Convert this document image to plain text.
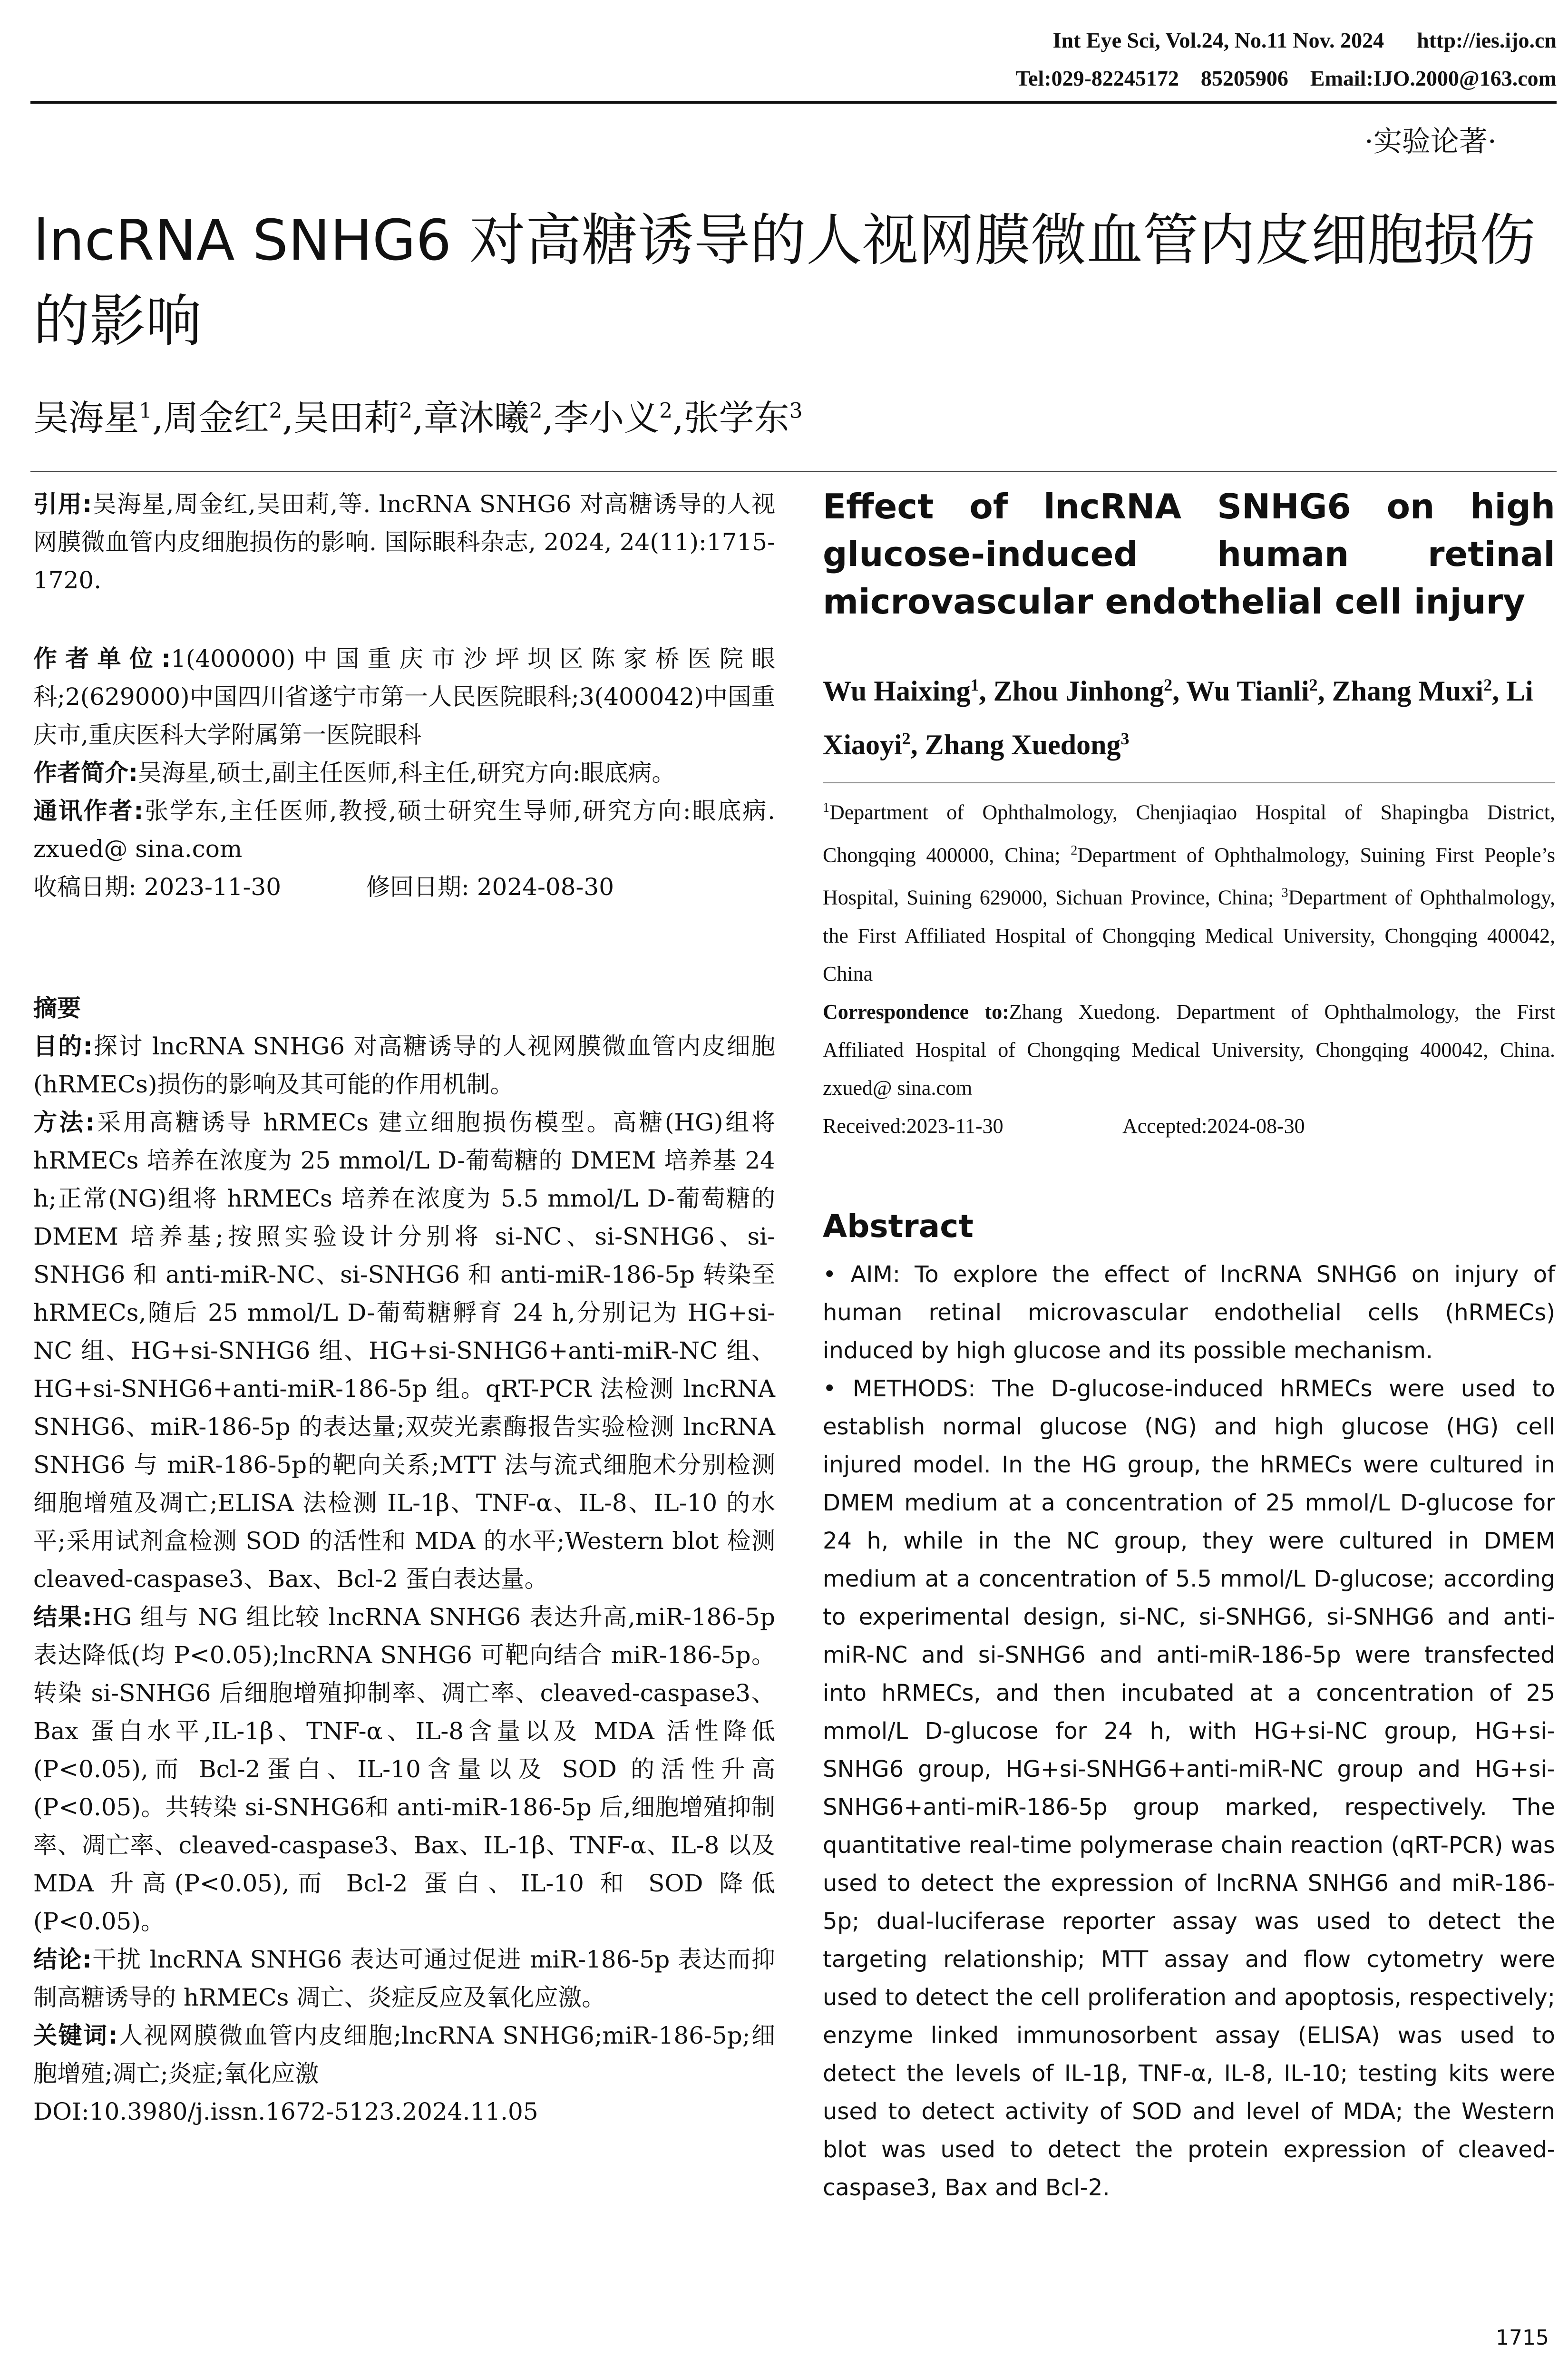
Int Eye Sci, Vol.24, No.11 Nov. 2024      http://ies.ijo.cn
Tel:029-82245172    85205906    Email:IJO.2000@163.com
·实验论著·
lncRNA SNHG6 对高糖诱导的人视网膜微血管内皮细胞损伤的影响
吴海星$^1$,周金红$^2$,吴田莉$^2$,章沐曦$^2$,李小义$^2$,张学东$^3$

引用:吴海星,周金红,吴田莉,等. lncRNA SNHG6 对高糖诱导的人视网膜微血管内皮细胞损伤的影响. 国际眼科杂志, 2024, 24(11):1715-1720.

作者单位:1(400000)中国重庆市沙坪坝区陈家桥医院眼科;2(629000)中国四川省遂宁市第一人民医院眼科;3(400042)中国重庆市,重庆医科大学附属第一医院眼科

作者简介:吴海星,硕士,副主任医师,科主任,研究方向:眼底病。

通讯作者:张学东,主任医师,教授,硕士研究生导师,研究方向:眼底病. zxued@ sina.com

收稿日期: 2023-11-30	修回日期: 2024-08-30

摘要

目的:探讨 lncRNA SNHG6 对高糖诱导的人视网膜微血管内皮细胞(hRMECs)损伤的影响及其可能的作用机制。

方法:采用高糖诱导 hRMECs 建立细胞损伤模型。高糖(HG)组将 hRMECs 培养在浓度为 25 mmol/L D-葡萄糖的 DMEM 培养基 24 h;正常(NG)组将 hRMECs 培养在浓度为 5.5 mmol/L D-葡萄糖的 DMEM 培养基;按照实验设计分别将 si-NC、si-SNHG6、si-SNHG6 和 anti-miR-NC、si-SNHG6 和 anti-miR-186-5p 转染至 hRMECs,随后 25 mmol/L D-葡萄糖孵育 24 h,分别记为 HG+si-NC 组、HG+si-SNHG6 组、HG+si-SNHG6+anti-miR-NC 组、HG+si-SNHG6+anti-miR-186-5p 组。qRT-PCR 法检测 lncRNA SNHG6、miR-186-5p 的表达量;双荧光素酶报告实验检测 lncRNA SNHG6 与 miR-186-5p的靶向关系;MTT 法与流式细胞术分别检测细胞增殖及凋亡;ELISA 法检测 IL-1β、TNF-α、IL-8、IL-10 的水平;采用试剂盒检测 SOD 的活性和 MDA 的水平;Western blot 检测 cleaved-caspase3、Bax、Bcl-2 蛋白表达量。

结果:HG 组与 NG 组比较 lncRNA SNHG6 表达升高,miR-186-5p表达降低(均 P<0.05);lncRNA SNHG6 可靶向结合 miR-186-5p。转染 si-SNHG6 后细胞增殖抑制率、凋亡率、cleaved-caspase3、Bax 蛋白水平,IL-1β、TNF-α、IL-8含量以及 MDA 活性降低(P<0.05),而 Bcl-2蛋白、IL-10含量以及 SOD 的活性升高(P<0.05)。共转染 si-SNHG6和 anti-miR-186-5p 后,细胞增殖抑制率、凋亡率、cleaved-caspase3、Bax、IL-1β、TNF-α、IL-8 以及 MDA 升高(P<0.05),而 Bcl-2 蛋白、IL-10 和 SOD 降低(P<0.05)。

结论:干扰 lncRNA SNHG6 表达可通过促进 miR-186-5p 表达而抑制高糖诱导的 hRMECs 凋亡、炎症反应及氧化应激。

关键词:人视网膜微血管内皮细胞;lncRNA SNHG6;miR-186-5p;细胞增殖;凋亡;炎症;氧化应激

DOI:10.3980/j.issn.1672-5123.2024.11.05

Effect of lncRNA SNHG6 on high glucose-induced human retinal microvascular endothelial cell injury

Wu Haixing$^1$, Zhou Jinhong$^2$, Wu Tianli$^2$, Zhang Muxi$^2$, Li Xiaoyi$^2$, Zhang Xuedong$^3$

$^1$Department of Ophthalmology, Chenjiaqiao Hospital of Shapingba District, Chongqing 400000, China; $^2$Department of Ophthalmology, Suining First People’s Hospital, Suining 629000, Sichuan Province, China; $^3$Department of Ophthalmology, the First Affiliated Hospital of Chongqing Medical University, Chongqing 400042, China

Correspondence to:Zhang Xuedong. Department of Ophthalmology, the First Affiliated Hospital of Chongqing Medical University, Chongqing 400042, China. zxued@ sina.com

Received:2023-11-30	Accepted:2024-08-30

Abstract

• AIM: To explore the effect of lncRNA SNHG6 on injury of human retinal microvascular endothelial cells (hRMECs) induced by high glucose and its possible mechanism.

• METHODS: The D-glucose-induced hRMECs were used to establish normal glucose (NG) and high glucose (HG) cell injured model. In the HG group, the hRMECs were cultured in DMEM medium at a concentration of 25 mmol/L D-glucose for 24 h, while in the NC group, they were cultured in DMEM medium at a concentration of 5.5 mmol/L D-glucose; according to experimental design, si-NC, si-SNHG6, si-SNHG6 and anti-miR-NC and si-SNHG6 and anti-miR-186-5p were transfected into hRMECs, and then incubated at a concentration of 25 mmol/L D-glucose for 24 h, with HG+si-NC group, HG+si-SNHG6 group, HG+si-SNHG6+anti-miR-NC group and HG+si-SNHG6+anti-miR-186-5p group marked, respectively. The quantitative real-time polymerase chain reaction (qRT-PCR) was used to detect the expression of lncRNA SNHG6 and miR-186-5p; dual-luciferase reporter assay was used to detect the targeting relationship; MTT assay and flow cytometry were used to detect the cell proliferation and apoptosis, respectively; enzyme linked immunosorbent assay (ELISA) was used to detect the levels of IL-1β, TNF-α, IL-8, IL-10; testing kits were used to detect activity of SOD and level of MDA; the Western blot was used to detect the protein expression of cleaved-caspase3, Bax and Bcl-2.

1715
